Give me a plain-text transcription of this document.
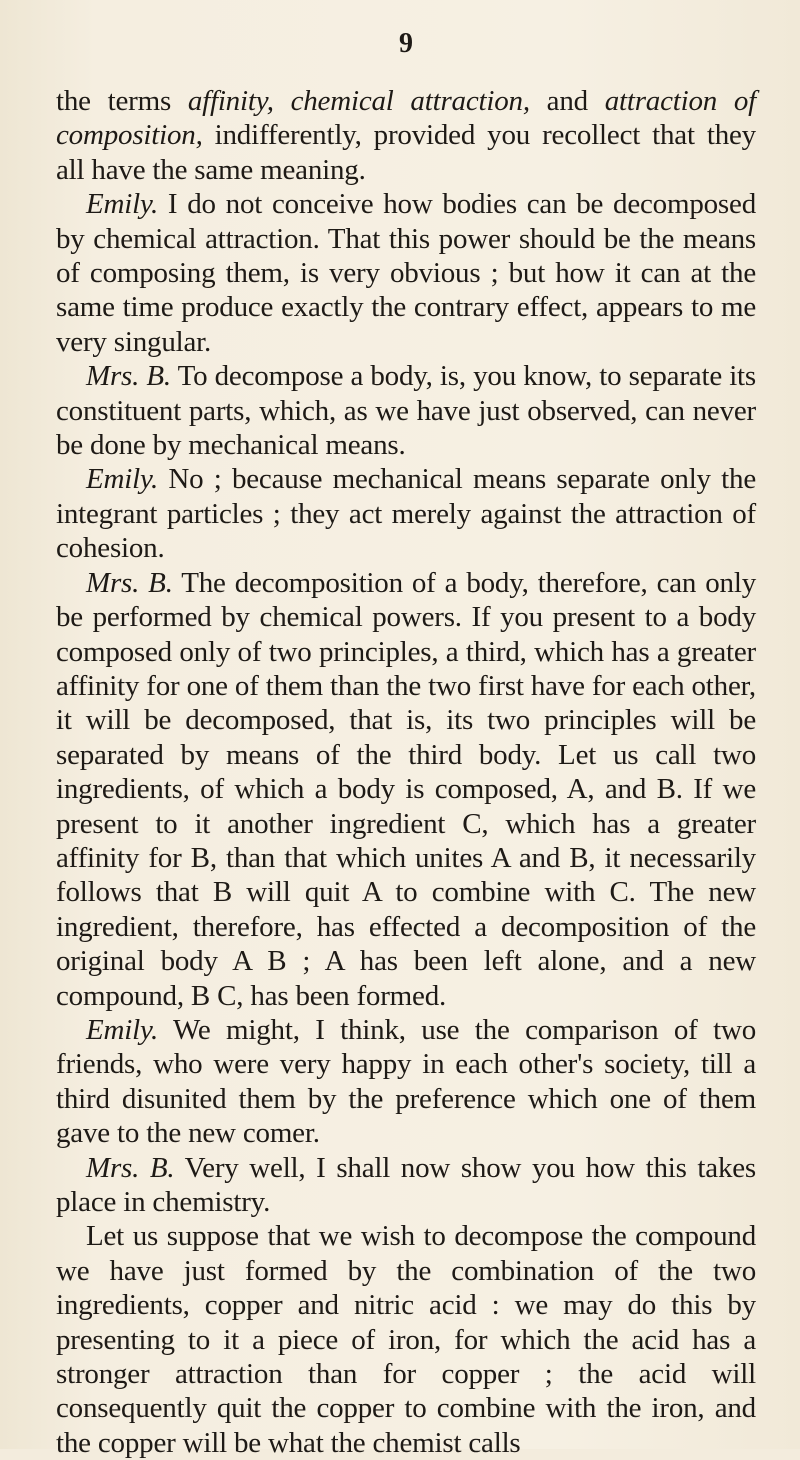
9

the terms affinity, chemical attraction, and attraction of composition, indifferently, provided you recollect that they all have the same meaning.

Emily. I do not conceive how bodies can be decomposed by chemical attraction. That this power should be the means of composing them, is very obvious ; but how it can at the same time produce exactly the contrary effect, appears to me very singular.

Mrs. B. To decompose a body, is, you know, to separate its constituent parts, which, as we have just observed, can never be done by mechanical means.

Emily. No ; because mechanical means separate only the integrant particles ; they act merely against the attraction of cohesion.

Mrs. B. The decomposition of a body, therefore, can only be performed by chemical powers. If you present to a body composed only of two principles, a third, which has a greater affinity for one of them than the two first have for each other, it will be decomposed, that is, its two principles will be separated by means of the third body. Let us call two ingredients, of which a body is composed, A, and B. If we present to it another ingredient C, which has a greater affinity for B, than that which unites A and B, it necessarily follows that B will quit A to combine with C. The new ingredient, therefore, has effected a decomposition of the original body A B ; A has been left alone, and a new compound, B C, has been formed.

Emily. We might, I think, use the comparison of two friends, who were very happy in each other's society, till a third disunited them by the preference which one of them gave to the new comer.

Mrs. B. Very well, I shall now show you how this takes place in chemistry.

Let us suppose that we wish to decompose the compound we have just formed by the combination of the two ingredients, copper and nitric acid : we may do this by presenting to it a piece of iron, for which the acid has a stronger attraction than for copper ; the acid will consequently quit the copper to combine with the iron, and the copper will be what the chemist calls
